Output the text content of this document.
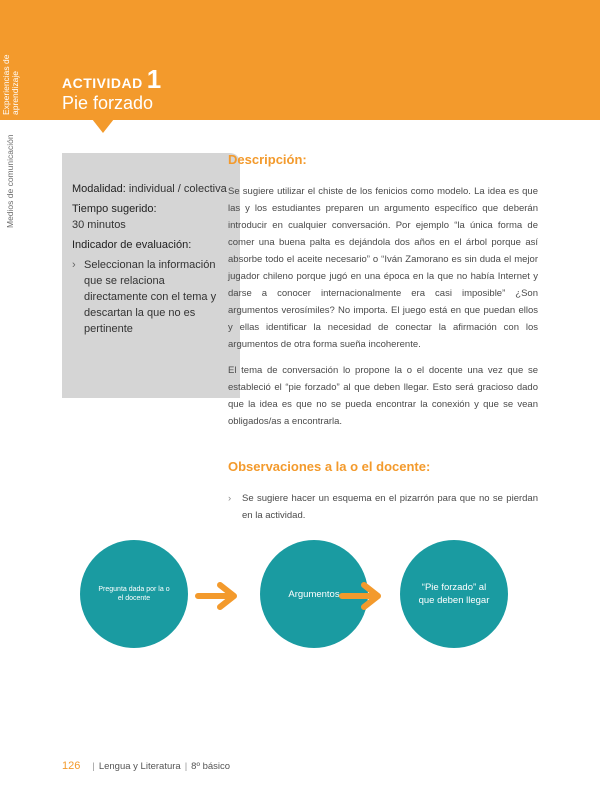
Experiencias de aprendizaje
Medios de comunicación
ACTIVIDAD 1
Pie forzado
Modalidad: individual / colectiva
Tiempo sugerido:
30 minutos
Indicador de evaluación:
› Seleccionan la información que se relaciona directamente con el tema y descartan la que no es pertinente
Descripción:
Se sugiere utilizar el chiste de los fenicios como modelo. La idea es que las y los estudiantes preparen un argumento específico que deberán introducir en cualquier conversación. Por ejemplo “la única forma de comer una buena palta es dejándola dos años en el árbol porque así absorbe todo el aceite necesario” o “Iván Zamorano es sin duda el mejor jugador chileno porque jugó en una época en la que no había Internet y darse a conocer internacionalmente era casi imposible” ¿Son argumentos verosímiles? No importa. El juego está en que puedan ellos y ellas identificar la necesidad de conectar la afirmación con los argumentos de otra forma sueña incoherente.
El tema de conversación lo propone la o el docente una vez que se estableció el “pie forzado” al que deben llegar. Esto será gracioso dado que la idea es que no se pueda encontrar la conexión y que se vean obligados/as a encontrarla.
Observaciones a la o el docente:
› Se sugiere hacer un esquema en el pizarrón para que no se pierdan en la actividad.
Pregunta dada por la o el docente	Argumentos
“Pie forzado” al que deben llegar
126 | Lengua y Literatura | 8º básico
